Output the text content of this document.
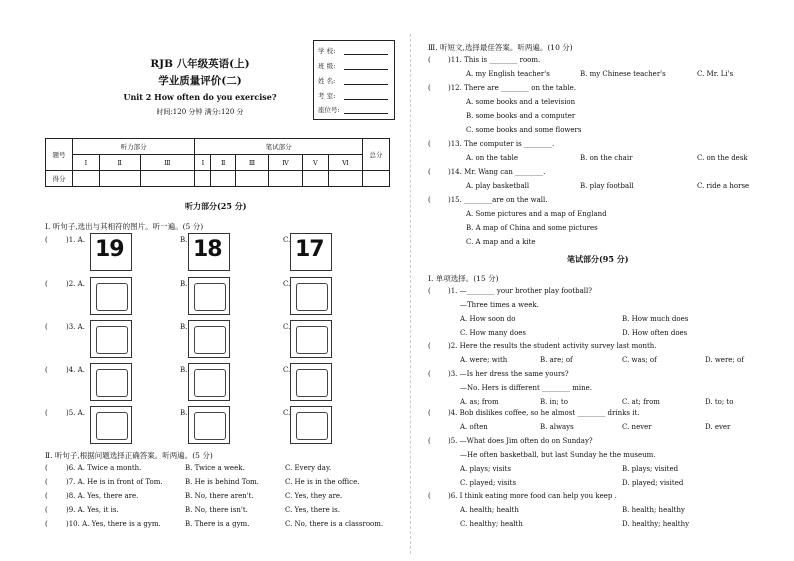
RJB 八年级英语(上)
学业质量评价(二)
Unit 2 How often do you exercise?
时间:120 分钟 满分:120 分
学 校:
班 级:
姓 名:
考 室:
座位号:
题号	听力部分			笔试部分						总分
	Ⅰ	Ⅱ	Ⅲ	Ⅰ	Ⅱ	Ⅲ	Ⅳ	Ⅴ	Ⅵ	
得分										
听力部分(25 分)
Ⅰ. 听句子,选出与其相符的图片。听一遍。(5 分)
Ⅱ. 听句子,根据问题选择正确答案。听两遍。(5 分)
Ⅲ. 听短文,选择最佳答案。听两遍。(10 分)
笔试部分(95 分)
Ⅰ. 单项选择。(15 分)
(	)1. A.	B.	C.
19	18	17
(	)2. A.	B.	C.
(	)3. A.	B.	C.
(	)4. A.	B.	C.
(	)5. A.	B.	C.
(	)6. A. Twice a month.	B. Twice a week.	C. Every day.
(	)7. A. He is in front of Tom.	B. He is behind Tom.	C. He is in the office.
(	)8. A. Yes, there are.	B. No, there aren't.	C. Yes, they are.
(	)9. A. Yes, it is.	B. No, there isn't.	C. Yes, there is.
(	)10. A. Yes, there is a gym.	B. There is a gym.	C. No, there is a classroom.
( )11. This is ________ room.
A. my English teacher's	B. my Chinese teacher's	C. Mr. Li's
( )12. There are ________ on the table.
A. some books and a television
B. some books and a computer
C. some books and some flowers
( )13. The computer is ________.
A. on the table	B. on the chair	C. on the desk
( )14. Mr. Wang can ________.
A. play basketball	B. play football	C. ride a horse
( )15. ________are on the wall.
A. Some pictures and a map of England
B. A map of China and some pictures
C. A map and a kite
( )1. —________ your brother play football?
—Three times a week.
A. How soon do	B. How much does
C. How many does	D. How often does
( )2. Here the results the student activity survey last month.
A. were; with	B. are; of	C. was; of	D. were; of
( )3. —Is her dress the same yours?
—No. Hers is different ________ mine.
A. as; from	B. in; to	C. at; from	D. to; to
( )4. Bob dislikes coffee, so he almost ________ drinks it.
A. often	B. always	C. never	D. ever
( )5. —What does Jim often do on Sunday?
—He often basketball, but last Sunday he the museum.
A. plays; visits	B. plays; visited
C. played; visits	D. played; visited
( )6. I think eating more food can help you keep .
A. health; health	B. health; healthy
C. healthy; health	D. healthy; healthy
